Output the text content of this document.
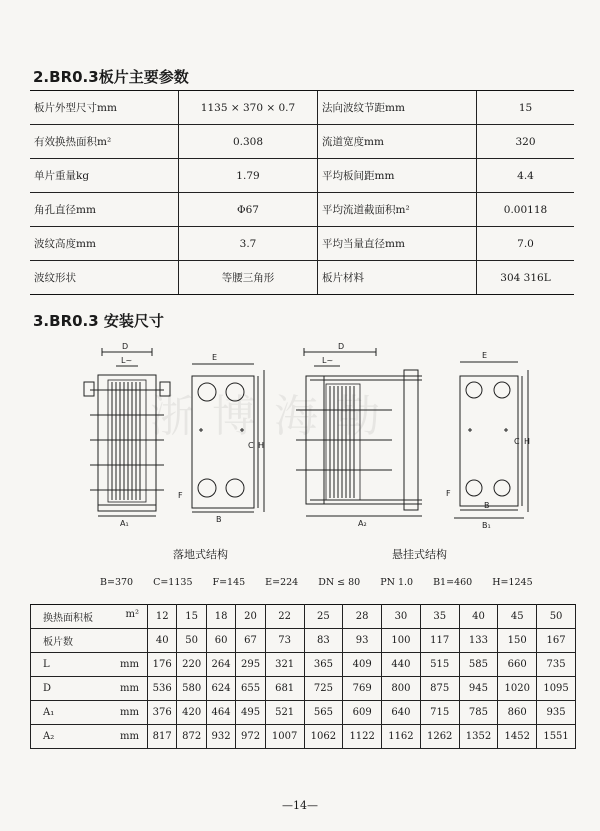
2.BR0.3板片主要参数
板片外型尺寸mm	1135 × 370 × 0.7	法向波纹节距mm	15
有效换热面积m²	0.308	流道宽度mm	320
单片重量kg	1.79	平均板间距mm	4.4
角孔直径mm	Φ67	平均流道截面积m²	0.00118
波纹高度mm	3.7	平均当量直径mm	7.0
波纹形状	等腰三角形	板片材料	304 316L
3.BR0.3 安装尺寸
浙博海勒
D
L~
A₁
E
C H
F
B
D
L~
A₂
E
C H
F
B
B₁
落地式结构	悬挂式结构
B=370 C=1135 F=145 E=224 DN ≤ 80 PN 1.0 B1=460 H=1245
换热面积板 m²	12	15	18	20	22	25	28	30	35	40	45	50
板片数	40	50	60	67	73	83	93	100	117	133	150	167
L mm	176	220	264	295	321	365	409	440	515	585	660	735
D mm	536	580	624	655	681	725	769	800	875	945	1020	1095
A₁ mm	376	420	464	495	521	565	609	640	715	785	860	935
A₂ mm	817	872	932	972	1007	1062	1122	1162	1262	1352	1452	1551
—14—
